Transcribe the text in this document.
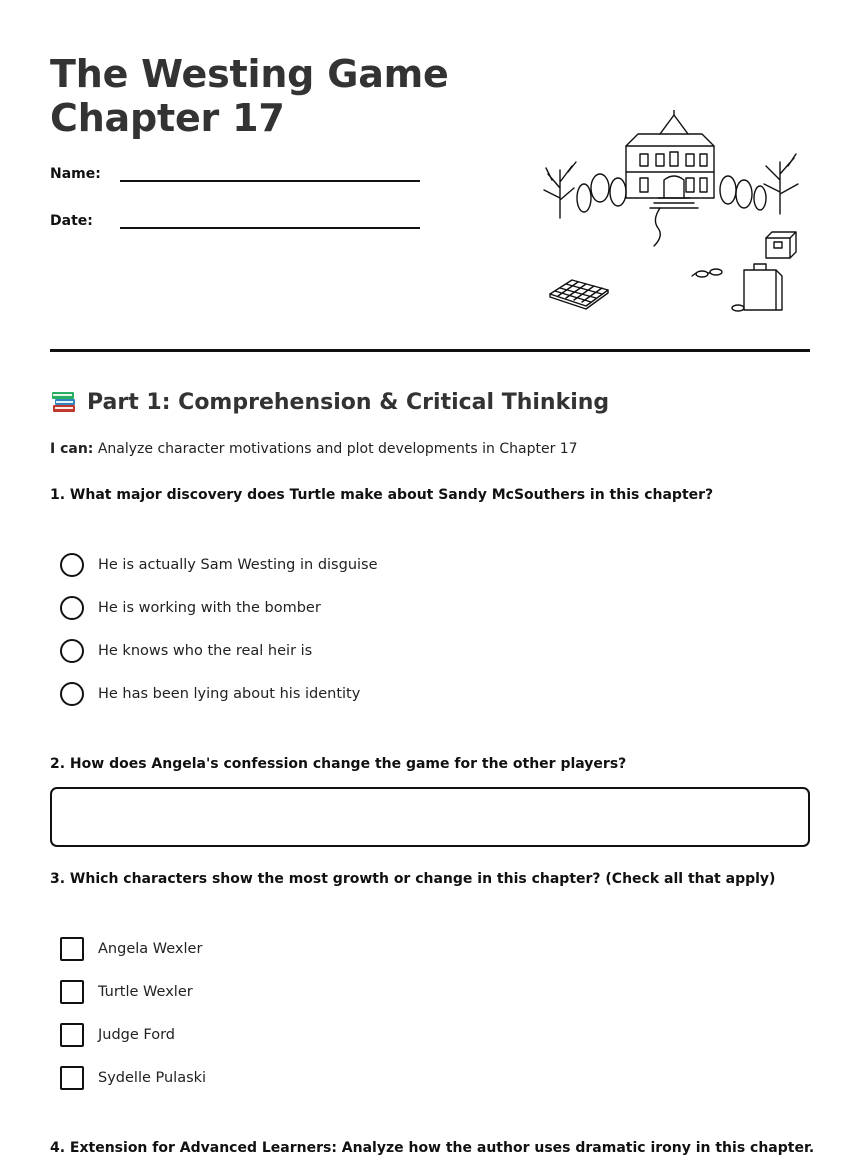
The Westing Game
Chapter 17
Name:
Date:
Part 1: Comprehension & Critical Thinking
I can: Analyze character motivations and plot developments in Chapter 17
1. What major discovery does Turtle make about Sandy McSouthers in this chapter?
He is actually Sam Westing in disguise
He is working with the bomber
He knows who the real heir is
He has been lying about his identity
2. How does Angela's confession change the game for the other players?
3. Which characters show the most growth or change in this chapter? (Check all that apply)
Angela Wexler
Turtle Wexler
Judge Ford
Sydelle Pulaski
4. Extension for Advanced Learners: Analyze how the author uses dramatic irony in this chapter.
